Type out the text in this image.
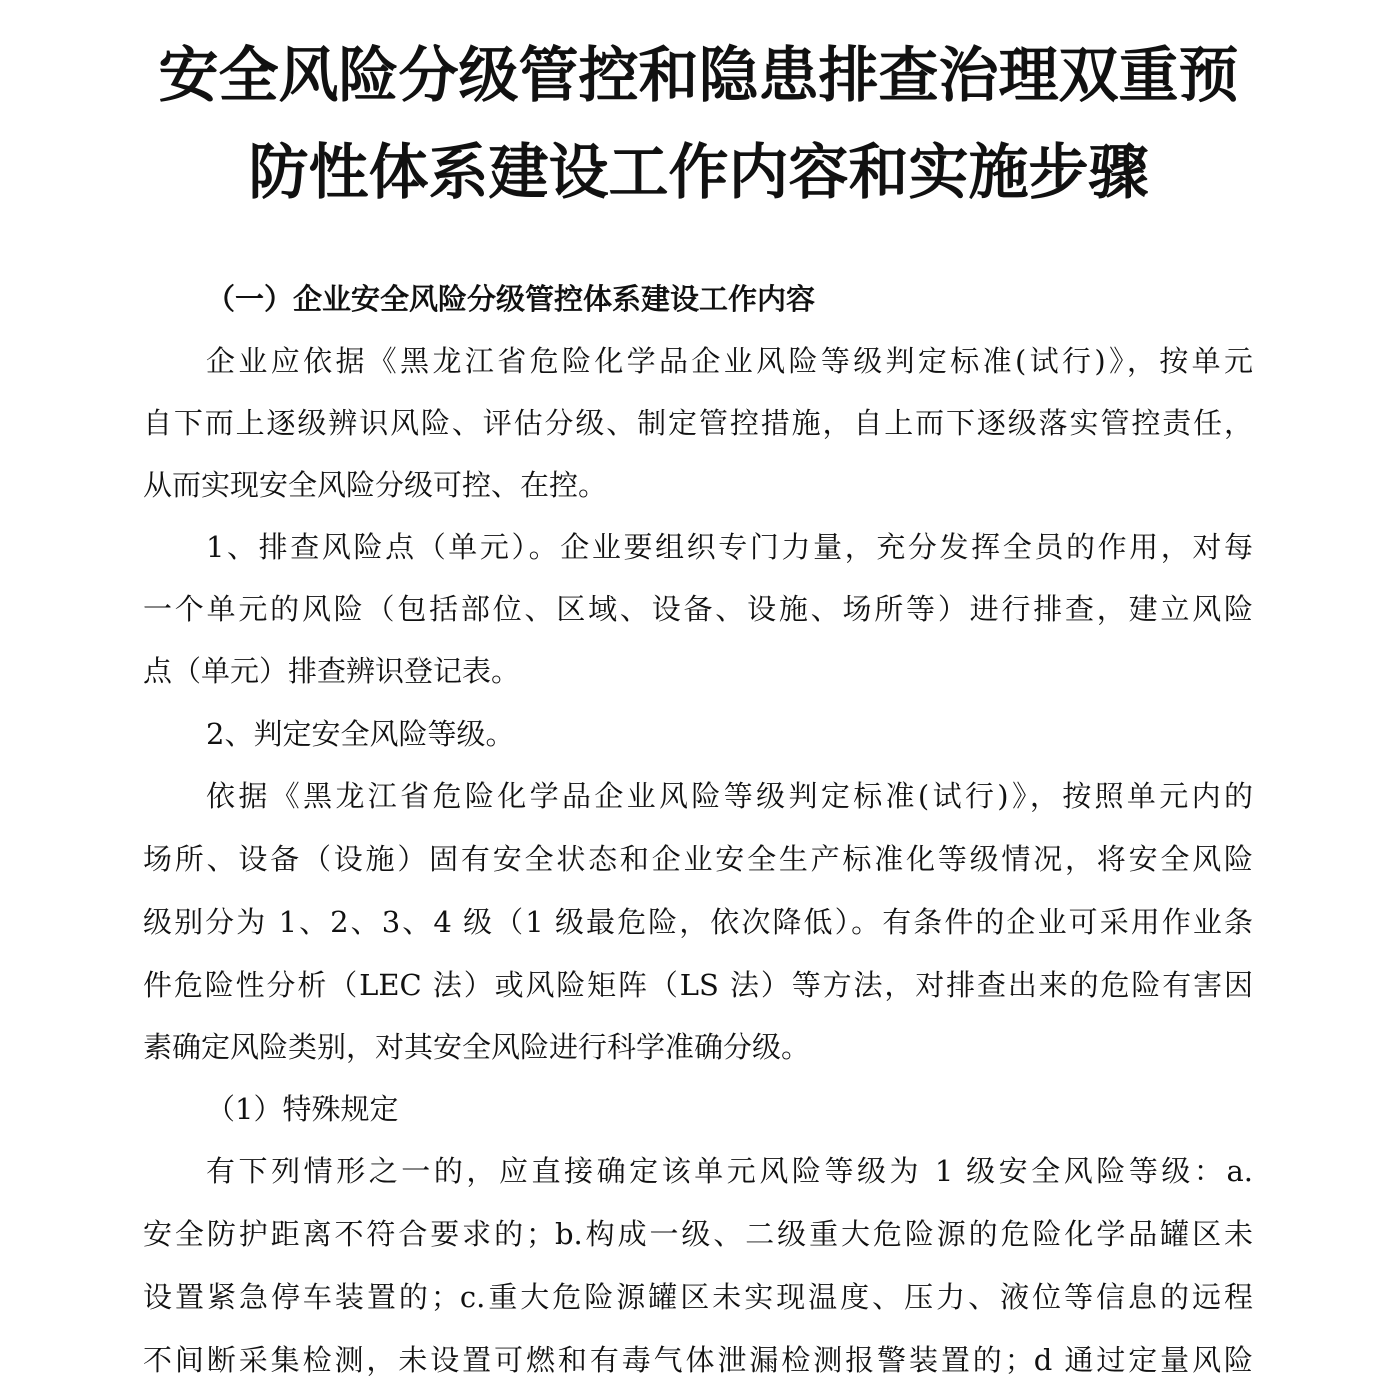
安全风险分级管控和隐患排查治理双重预
防性体系建设工作内容和实施步骤
（一）企业安全风险分级管控体系建设工作内容
企业应依据《黑龙江省危险化学品企业风险等级判定标准(试行)》，按单元
自下而上逐级辨识风险、评估分级、制定管控措施，自上而下逐级落实管控责任，
从而实现安全风险分级可控、在控。
1、排查风险点（单元）。企业要组织专门力量，充分发挥全员的作用，对每
一个单元的风险（包括部位、区域、设备、设施、场所等）进行排查，建立风险
点（单元）排查辨识登记表。
2、判定安全风险等级。
依据《黑龙江省危险化学品企业风险等级判定标准(试行)》，按照单元内的
场所、设备（设施）固有安全状态和企业安全生产标准化等级情况，将安全风险
级别分为 1、2、3、4 级（1 级最危险，依次降低）。有条件的企业可采用作业条
件危险性分析（LEC 法）或风险矩阵（LS 法）等方法，对排查出来的危险有害因
素确定风险类别，对其安全风险进行科学准确分级。
（1）特殊规定
有下列情形之一的，应直接确定该单元风险等级为 1 级安全风险等级：a.
安全防护距离不符合要求的；b.构成一级、二级重大危险源的危险化学品罐区未
设置紧急停车装置的；c.重大危险源罐区未实现温度、压力、液位等信息的远程
不间断采集检测，未设置可燃和有毒气体泄漏检测报警装置的；d 通过定量风险
